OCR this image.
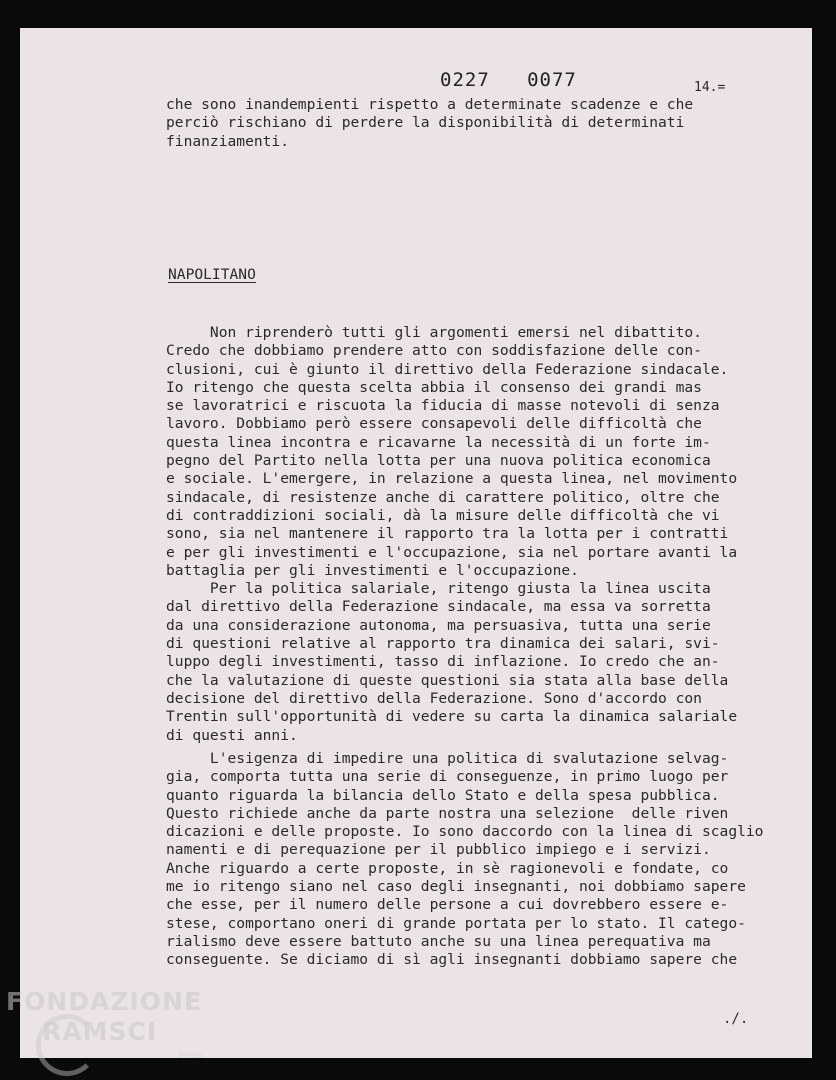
0227   0077	14.=
che sono inandempienti rispetto a determinate scadenze e che
perciò rischiano di perdere la disponibilità di determinati
finanziamenti.
NAPOLITANO
Non riprenderò tutti gli argomenti emersi nel dibattito.
Credo che dobbiamo prendere atto con soddisfazione delle con-
clusioni, cui è giunto il direttivo della Federazione sindacale.
Io ritengo che questa scelta abbia il consenso dei grandi mas
se lavoratrici e riscuota la fiducia di masse notevoli di senza
lavoro. Dobbiamo però essere consapevoli delle difficoltà che
questa linea incontra e ricavarne la necessità di un forte im-
pegno del Partito nella lotta per una nuova politica economica
e sociale. L'emergere, in relazione a questa linea, nel movimento
sindacale, di resistenze anche di carattere politico, oltre che
di contraddizioni sociali, dà la misure delle difficoltà che vi
sono, sia nel mantenere il rapporto tra la lotta per i contratti
e per gli investimenti e l'occupazione, sia nel portare avanti la
battaglia per gli investimenti e l'occupazione.
Per la politica salariale, ritengo giusta la linea uscita
dal direttivo della Federazione sindacale, ma essa va sorretta
da una considerazione autonoma, ma persuasiva, tutta una serie
di questioni relative al rapporto tra dinamica dei salari, svi-
luppo degli investimenti, tasso di inflazione. Io credo che an-
che la valutazione di queste questioni sia stata alla base della
decisione del direttivo della Federazione. Sono d'accordo con
Trentin sull'opportunità di vedere su carta la dinamica salariale
di questi anni.
L'esigenza di impedire una politica di svalutazione selvag-
gia, comporta tutta una serie di conseguenze, in primo luogo per
quanto riguarda la bilancia dello Stato e della spesa pubblica.
Questo richiede anche da parte nostra una selezione  delle riven
dicazioni e delle proposte. Io sono daccordo con la linea di scaglio
namenti e di perequazione per il pubblico impiego e i servizi.
Anche riguardo a certe proposte, in sè ragionevoli e fondate, co
me io ritengo siano nel caso degli insegnanti, noi dobbiamo sapere
che esse, per il numero delle persone a cui dovrebbero essere e-
stese, comportano oneri di grande portata per lo stato. Il catego-
rialismo deve essere battuto anche su una linea perequativa ma
conseguente. Se diciamo di sì agli insegnanti dobbiamo sapere che
./.
FONDAZIONE
RAMSCI
onlus
